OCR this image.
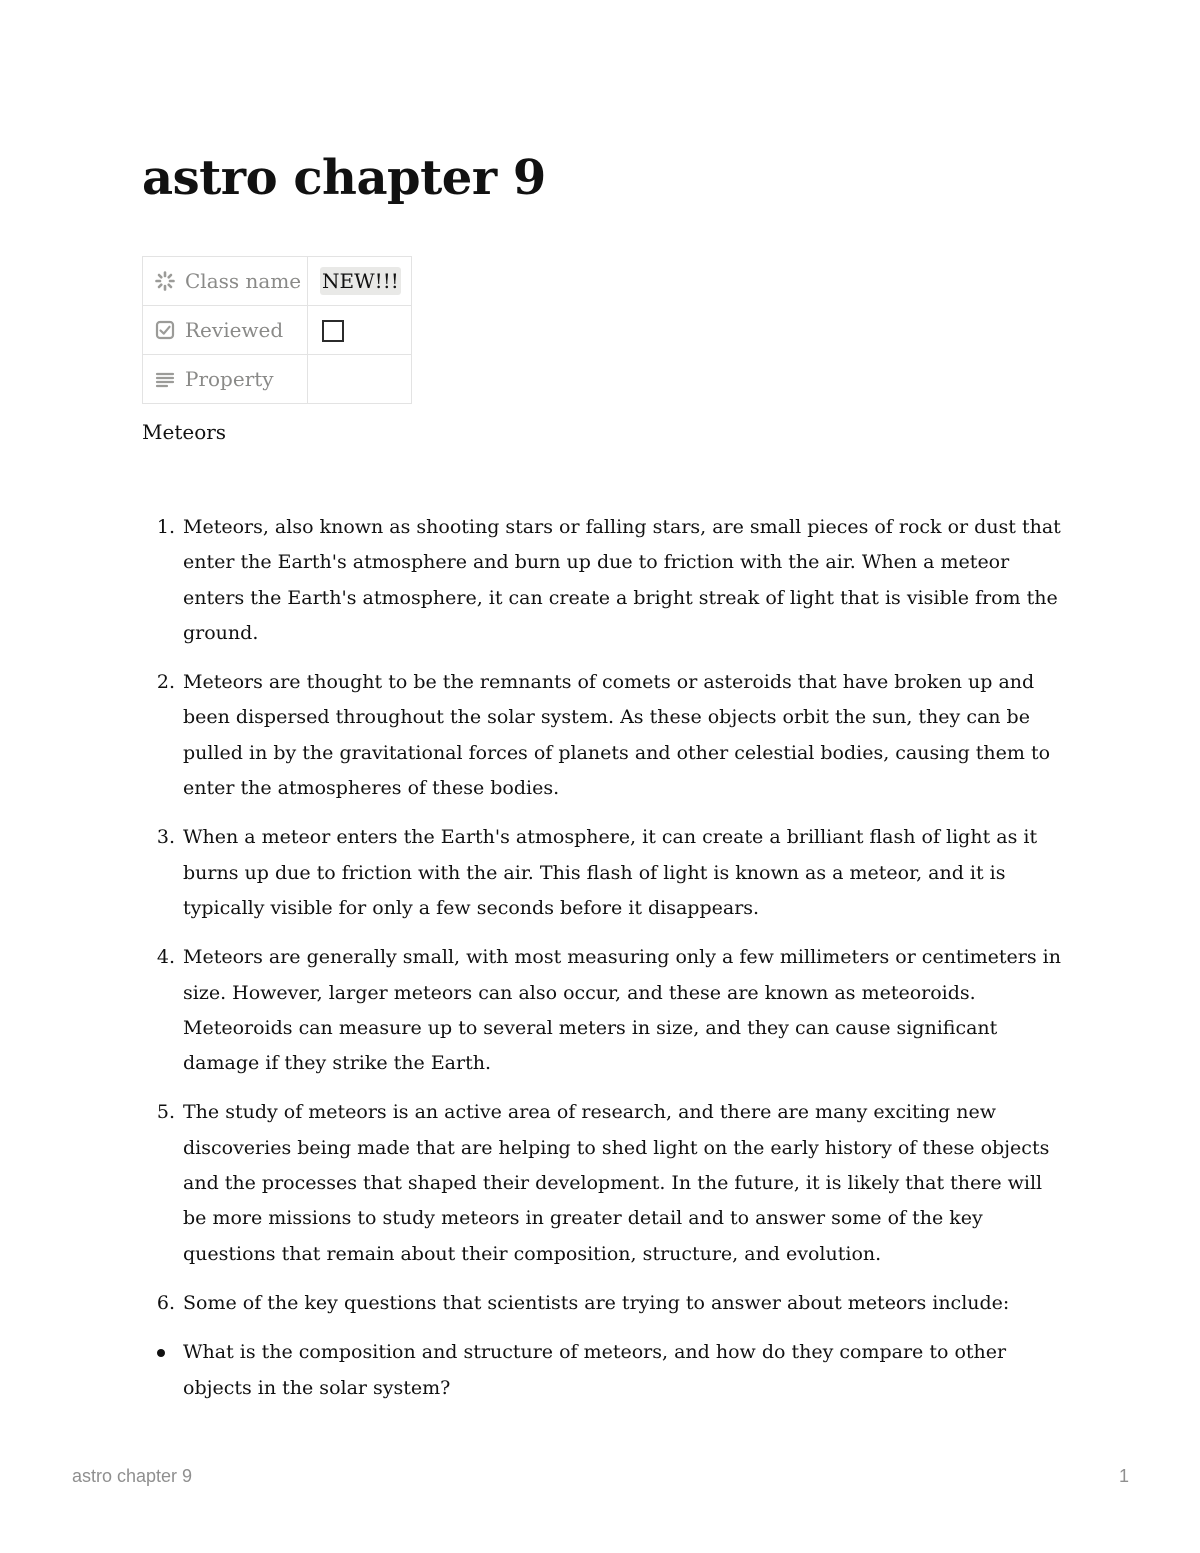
astro chapter 9
Class name	NEW!!!
Reviewed	
Property	
Meteors
1. Meteors, also known as shooting stars or falling stars, are small pieces of rock or dust that enter the Earth's atmosphere and burn up due to friction with the air. When a meteor enters the Earth's atmosphere, it can create a bright streak of light that is visible from the ground.
2. Meteors are thought to be the remnants of comets or asteroids that have broken up and been dispersed throughout the solar system. As these objects orbit the sun, they can be pulled in by the gravitational forces of planets and other celestial bodies, causing them to enter the atmospheres of these bodies.
3. When a meteor enters the Earth's atmosphere, it can create a brilliant flash of light as it burns up due to friction with the air. This flash of light is known as a meteor, and it is typically visible for only a few seconds before it disappears.
4. Meteors are generally small, with most measuring only a few millimeters or centimeters in size. However, larger meteors can also occur, and these are known as meteoroids. Meteoroids can measure up to several meters in size, and they can cause significant damage if they strike the Earth.
5. The study of meteors is an active area of research, and there are many exciting new discoveries being made that are helping to shed light on the early history of these objects and the processes that shaped their development. In the future, it is likely that there will be more missions to study meteors in greater detail and to answer some of the key questions that remain about their composition, structure, and evolution.
6. Some of the key questions that scientists are trying to answer about meteors include:
What is the composition and structure of meteors, and how do they compare to other objects in the solar system?
astro chapter 9	1
